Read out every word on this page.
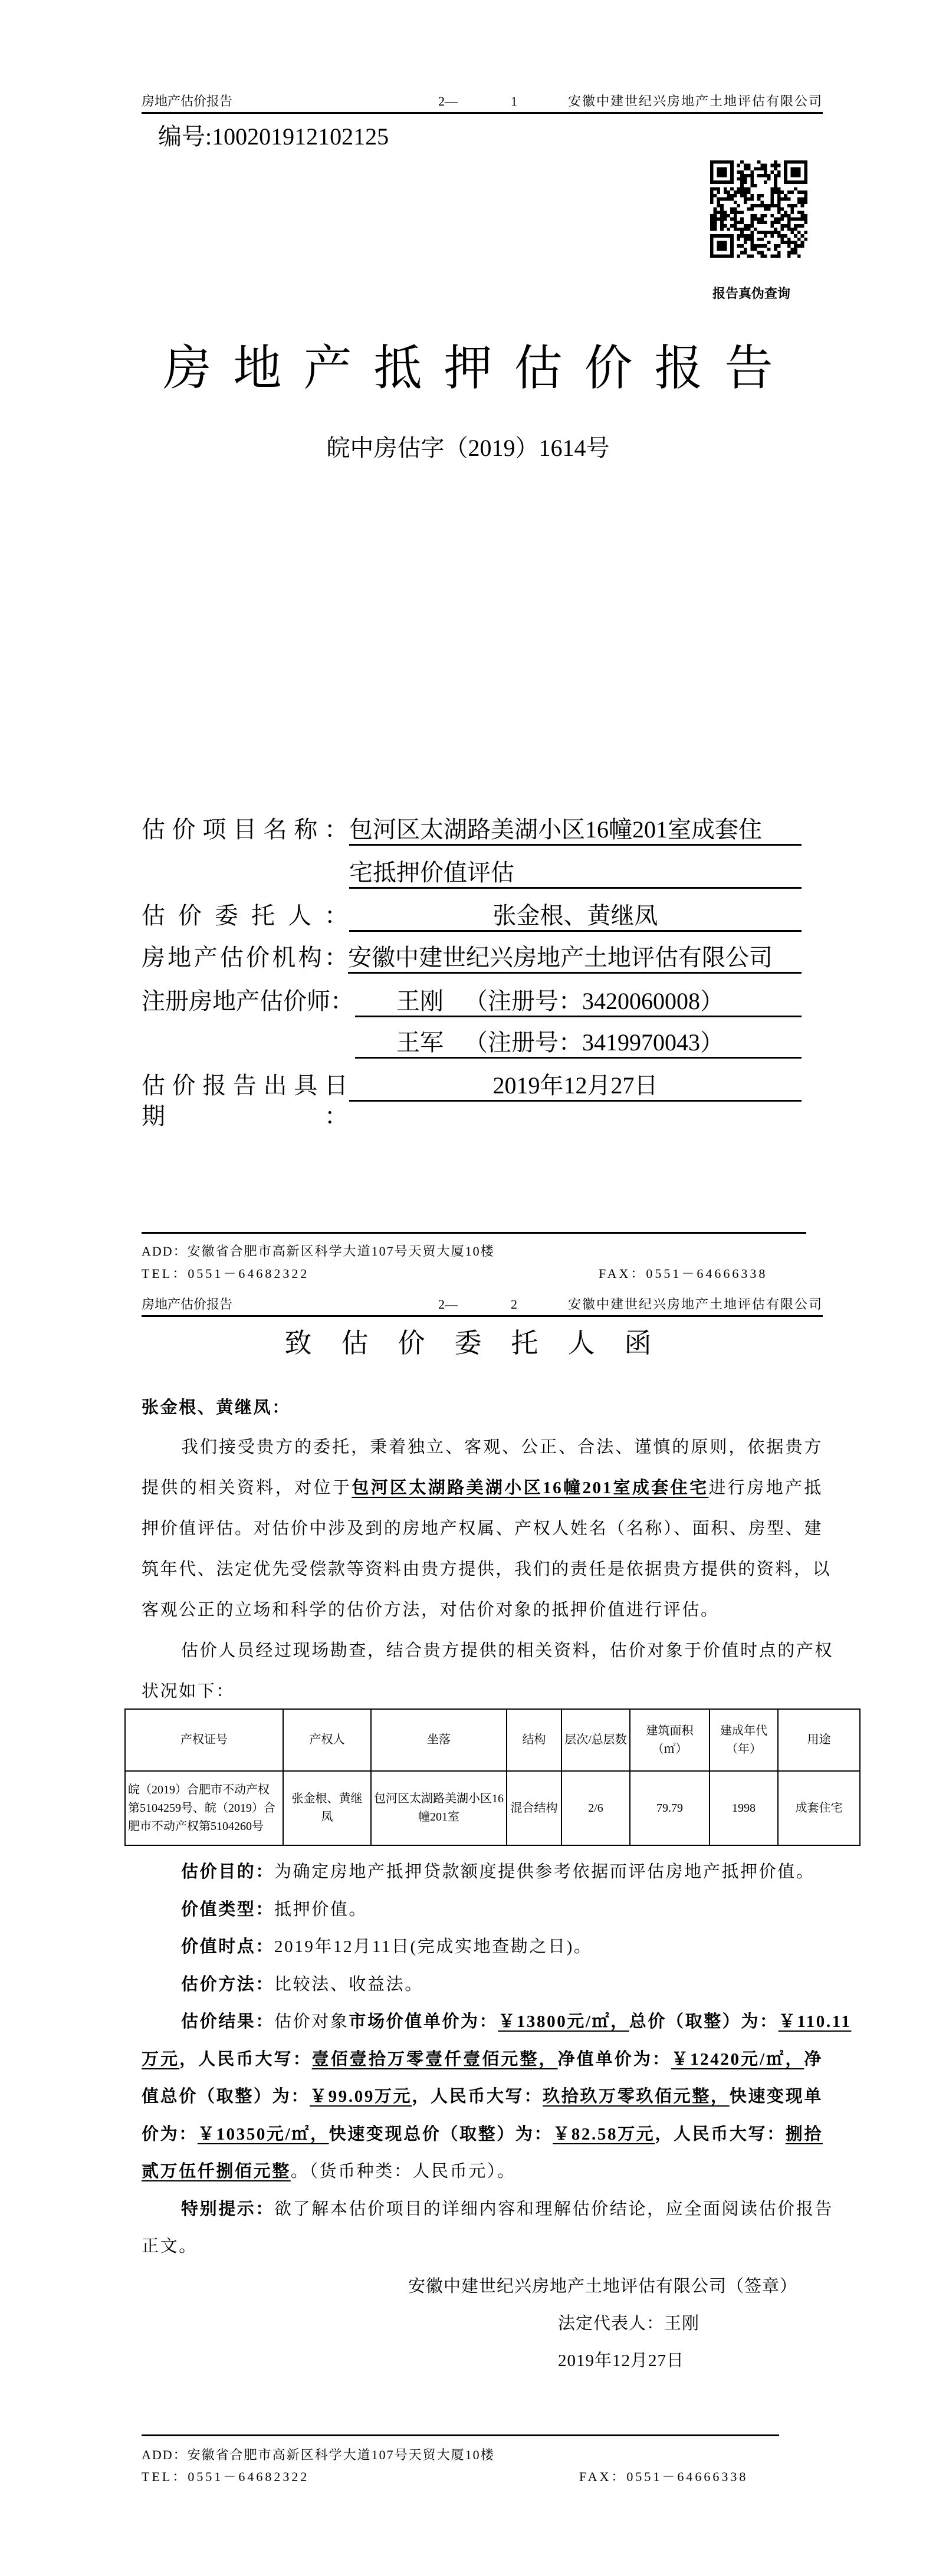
房地产估价报告	2—	1	安徽中建世纪兴房地产土地评估有限公司
编号:100201912102125
报告真伪查询
房地产抵押估价报告
皖中房估字（2019）1614号
估价项目名称： 包河区太湖路美湖小区16幢201室成套住
宅抵押价值评估
估价委托人：	张金根、黄继凤
房地产估价机构： 安徽中建世纪兴房地产土地评估有限公司
注册房地产估价师：	王刚 （注册号：3420060008）
王军 （注册号：3419970043）
估价报告出具日期：
2019年12月27日
ADD：安徽省合肥市高新区科学大道107号天贸大厦10楼
TEL：0551－64682322	FAX：0551－64666338
房地产估价报告	2—	2	安徽中建世纪兴房地产土地评估有限公司
致估价委托人函
张金根、黄继凤：
我们接受贵方的委托，秉着独立、客观、公正、合法、谨慎的原则，依据贵方
提供的相关资料，对位于包河区太湖路美湖小区16幢201室成套住宅进行房地产抵
押价值评估。对估价中涉及到的房地产权属、产权人姓名（名称）、面积、房型、建
筑年代、法定优先受偿款等资料由贵方提供，我们的责任是依据贵方提供的资料，以
客观公正的立场和科学的估价方法，对估价对象的抵押价值进行评估。
估价人员经过现场勘查，结合贵方提供的相关资料，估价对象于价值时点的产权
状况如下：
产权证号	产权人	坐落	结构	层次/总层数	建筑面积（㎡）	建成年代（年）	用途
皖（2019）合肥市不动产权第5104259号、皖（2019）合肥市不动产权第5104260号	张金根、黄继凤	包河区太湖路美湖小区16幢201室	混合结构	2/6	79.79	1998	成套住宅
估价目的：为确定房地产抵押贷款额度提供参考依据而评估房地产抵押价值。
价值类型：抵押价值。
价值时点：2019年12月11日(完成实地查勘之日)。
估价方法：比较法、收益法。
估价结果：估价对象市场价值单价为：￥13800元/㎡，总价（取整）为：￥110.11
万元，人民币大写：壹佰壹拾万零壹仟壹佰元整，净值单价为：￥12420元/㎡，净
值总价（取整）为：￥99.09万元，人民币大写：玖拾玖万零玖佰元整，快速变现单
价为：￥10350元/㎡，快速变现总价（取整）为：￥82.58万元，人民币大写：捌拾
贰万伍仟捌佰元整。（货币种类：人民币元）。
特别提示：欲了解本估价项目的详细内容和理解估价结论，应全面阅读估价报告
正文。
安徽中建世纪兴房地产土地评估有限公司（签章）
法定代表人：王刚
2019年12月27日
ADD：安徽省合肥市高新区科学大道107号天贸大厦10楼
TEL：0551－64682322	FAX：0551－64666338
